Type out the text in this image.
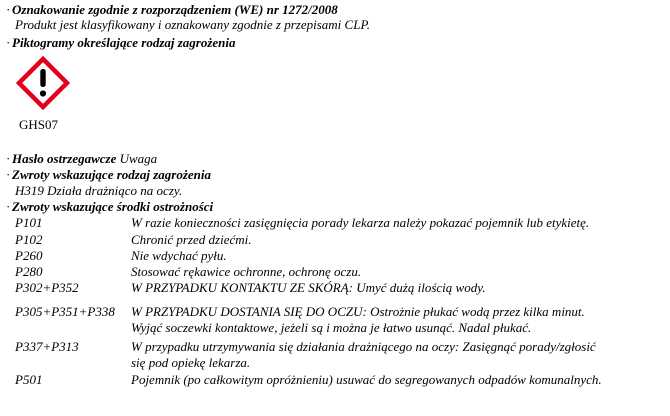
· Oznakowanie zgodnie z rozporządzeniem (WE) nr 1272/2008
Produkt jest klasyfikowany i oznakowany zgodnie z przepisami CLP.
· Piktogramy określające rodzaj zagrożenia
GHS07
· Hasło ostrzegawcze Uwaga
· Zwroty wskazujące rodzaj zagrożenia
H319 Działa drażniąco na oczy.
· Zwroty wskazujące środki ostrożności
P101	W razie konieczności zasięgnięcia porady lekarza należy pokazać pojemnik lub etykietę.
P102	Chronić przed dziećmi.
P260	Nie wdychać pyłu.
P280	Stosować rękawice ochronne, ochronę oczu.
P302+P352	W PRZYPADKU KONTAKTU ZE SKÓRĄ: Umyć dużą ilością wody.
P305+P351+P338 W PRZYPADKU DOSTANIA SIĘ DO OCZU: Ostrożnie płukać wodą przez kilka minut.
Wyjąć soczewki kontaktowe, jeżeli są i można je łatwo usunąć. Nadal płukać.
P337+P313	W przypadku utrzymywania się działania drażniącego na oczy: Zasięgnąć porady/zgłosić
się pod opiekę lekarza.
P501	Pojemnik (po całkowitym opróżnieniu) usuwać do segregowanych odpadów komunalnych.
